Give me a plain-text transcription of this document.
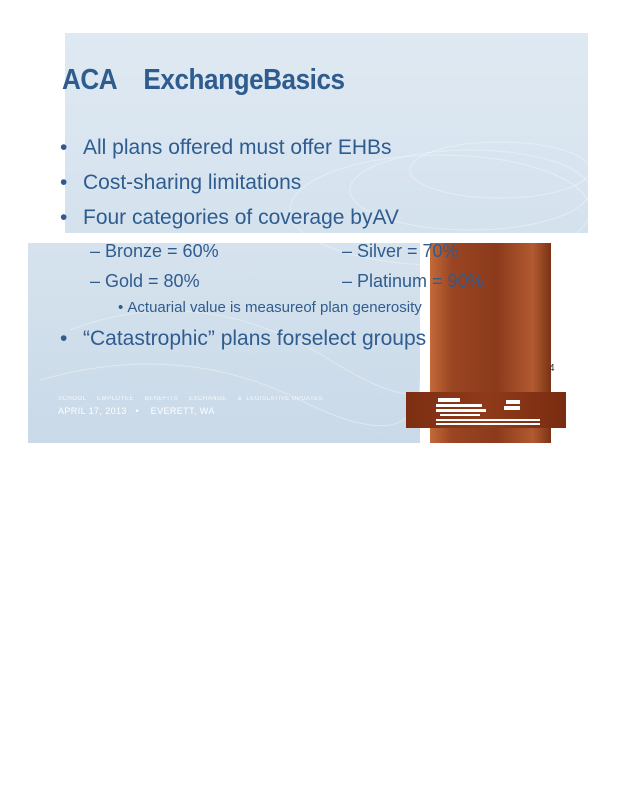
4
ACA    ExchangeBasics
• All plans offered must offer EHBs
• Cost-sharing limitations
• Four categories of coverage byAV
– Bronze = 60%	– Silver = 70%
– Gold = 80%	– Platinum = 90%
• Actuarial value is measureof plan generosity
• “Catastrophic” plans forselect groups
SCHOOL     EMPLOYEE     BENEFITS     EXCHANGE     &  LEGISLATIVE UPDATES
APRIL 17, 2013   •    EVERETT, WA
